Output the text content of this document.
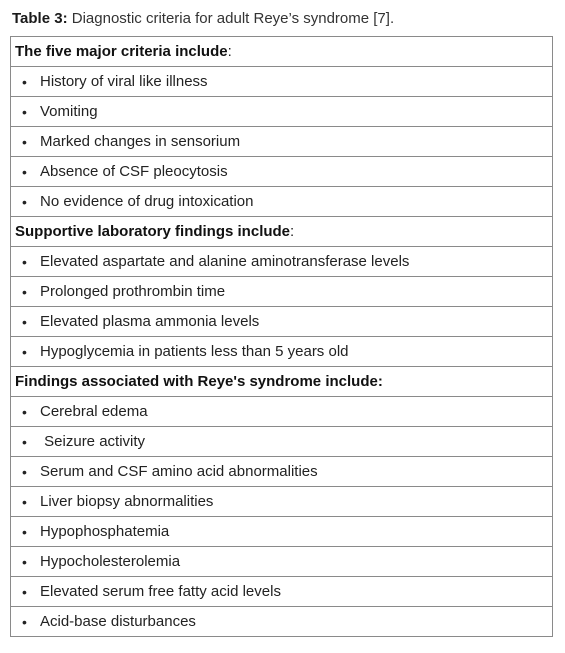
Table 3: Diagnostic criteria for adult Reye’s syndrome [7].
The five major criteria include :
• History of viral like illness
• Vomiting
• Marked changes in sensorium
• Absence of CSF pleocytosis
• No evidence of drug intoxication
Supportive laboratory findings include :
• Elevated aspartate and alanine aminotransferase levels
• Prolonged prothrombin time
• Elevated plasma ammonia levels
• Hypoglycemia in patients less than 5 years old
Findings associated with Reye's syndrome include:
• Cerebral edema
• Seizure activity
• Serum and CSF amino acid abnormalities
• Liver biopsy abnormalities
• Hypophosphatemia
• Hypocholesterolemia
• Elevated serum free fatty acid levels
• Acid-base disturbances
